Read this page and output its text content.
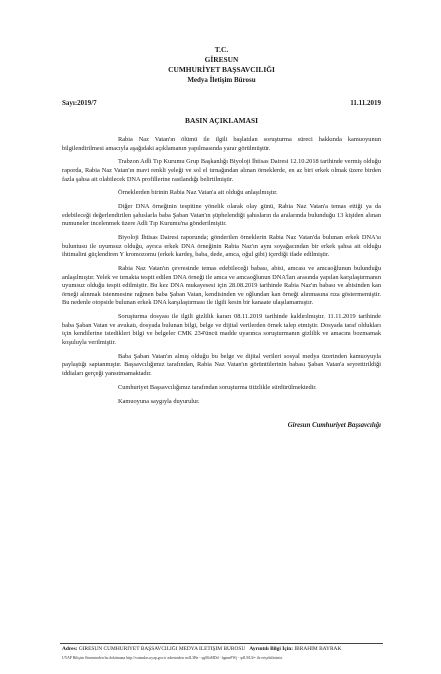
T.C.
GİRESUN
CUMHURİYET BAŞSAVCILIĞI
Medya İletişim Bürosu
Sayı:2019/7	11.11.2019
BASIN AÇIKLAMASI

Rabia Naz Vatan'ın ölümü ile ilgili başlatılan soruşturma süreci hakkında kamuoyunun bilgilendirilmesi amacıyla aşağıdaki açıklamanın yapılmasında yarar görülmüştür.

Trabzon Adli Tıp Kurumu Grup Başkanlığı Biyoloji İhtisas Dairesi 12.10.2018 tarihinde vermiş olduğu raporda, Rabia Naz Vatan'ın mavi renkli yeleği ve sol el tırnağından alınan örneklerde, en az biri erkek olmak üzere birden fazla şahsa ait olabilecek DNA profillerine rastlandığı belirtilmiştir.

Örneklerden birinin Rabia Naz Vatan'a ait olduğu anlaşılmıştır.

Diğer DNA örneğinin tespitine yönelik olarak olay günü, Rabia Naz Vatan'a temas ettiği ya da edebileceği değerlendirilen şahıslarla baba Şaban Vatan'ın şüphelendiği şahısların da aralarında bulunduğu 13 kişiden alınan numuneler incelenmek üzere Adli Tıp Kurumu'na gönderilmiştir.

Biyoloji İhtisas Dairesi raporunda; gönderilen örneklerin Rabia Naz Vatan'da bulunan erkek DNA'sı buluntusu ile uyumsuz olduğu, ayrıca erkek DNA örneğinin Rabia Naz'ın aynı soyağacından bir erkek şahsa ait olduğu ihtimalini güçlendiren Y kromozomu (erkek kardeş, baba, dede, amca, oğul gibi) içerdiği ifade edilmiştir.

Rabia Naz Vatan'ın çevresinde temas edebileceği babası, abisi, amcası ve amcaoğlunun bulunduğu anlaşılmıştır. Yelek ve tırnakta tespit edilen DNA örneği ile amca ve amcaoğlunun DNA'ları arasında yapılan karşılaştırmanın uyumsuz olduğu tespit edilmiştir. Bu kez DNA mukayesesi için 28.08.2019 tarihinde Rabia Naz'ın babası ve abisinden kan örneği alınmak istenmesine rağmen baba Şaban Vatan, kendisinden ve oğlundan kan örneği alınmasına rıza göstermemiştir. Bu nedenle otopside bulunan erkek DNA karşılaştırması ile ilgili kesin bir kanaate ulaşılamamıştır.

Soruşturma dosyası ile ilgili gizlilik kararı 08.11.2019 tarihinde kaldırılmıştır. 11.11.2019 tarihinde baba Şaban Vatan ve avukatı, dosyada bulunan bilgi, belge ve dijital verilerden örnek talep etmiştir. Dosyada taraf oldukları için kendilerine istedikleri bilgi ve belgeler CMK 234'üncü madde uyarınca soruşturmanın gizlilik ve amacını bozmamak koşuluyla verilmiştir.

Baba Şaban Vatan'ın almış olduğu bu belge ve dijital verileri sosyal medya üzerinden kamuoyuyla paylaştığı saptanmıştır. Başsavcılığımız tarafından, Rabia Naz Vatan'ın görüntülerinin babası Şaban Vatan'a seyrettirildiği iddiaları gerçeği yansıtmamaktadır.

Cumhuriyet Başsavcılığımız tarafından soruşturma titizlikle sürdürülmektedir.

Kamuoyuna saygıyla duyurulur.

Giresun Cumhuriyet Başsavcılığı
Adres: GİRESUN CUMHURİYET BAŞSAVCILIĞI MEDYA İLETİŞİM BÜROSU Ayrıntılı Bilgi İçin: İBRAHİM BAYRAK
UYAP Bilişim Sisteminden bu dokümana http://vatandas.uyap.gov.tr adresinden rn4L3Be - qqMoMDd - hgmnFWj - qdUSU4= ile erişebilirsiniz.
